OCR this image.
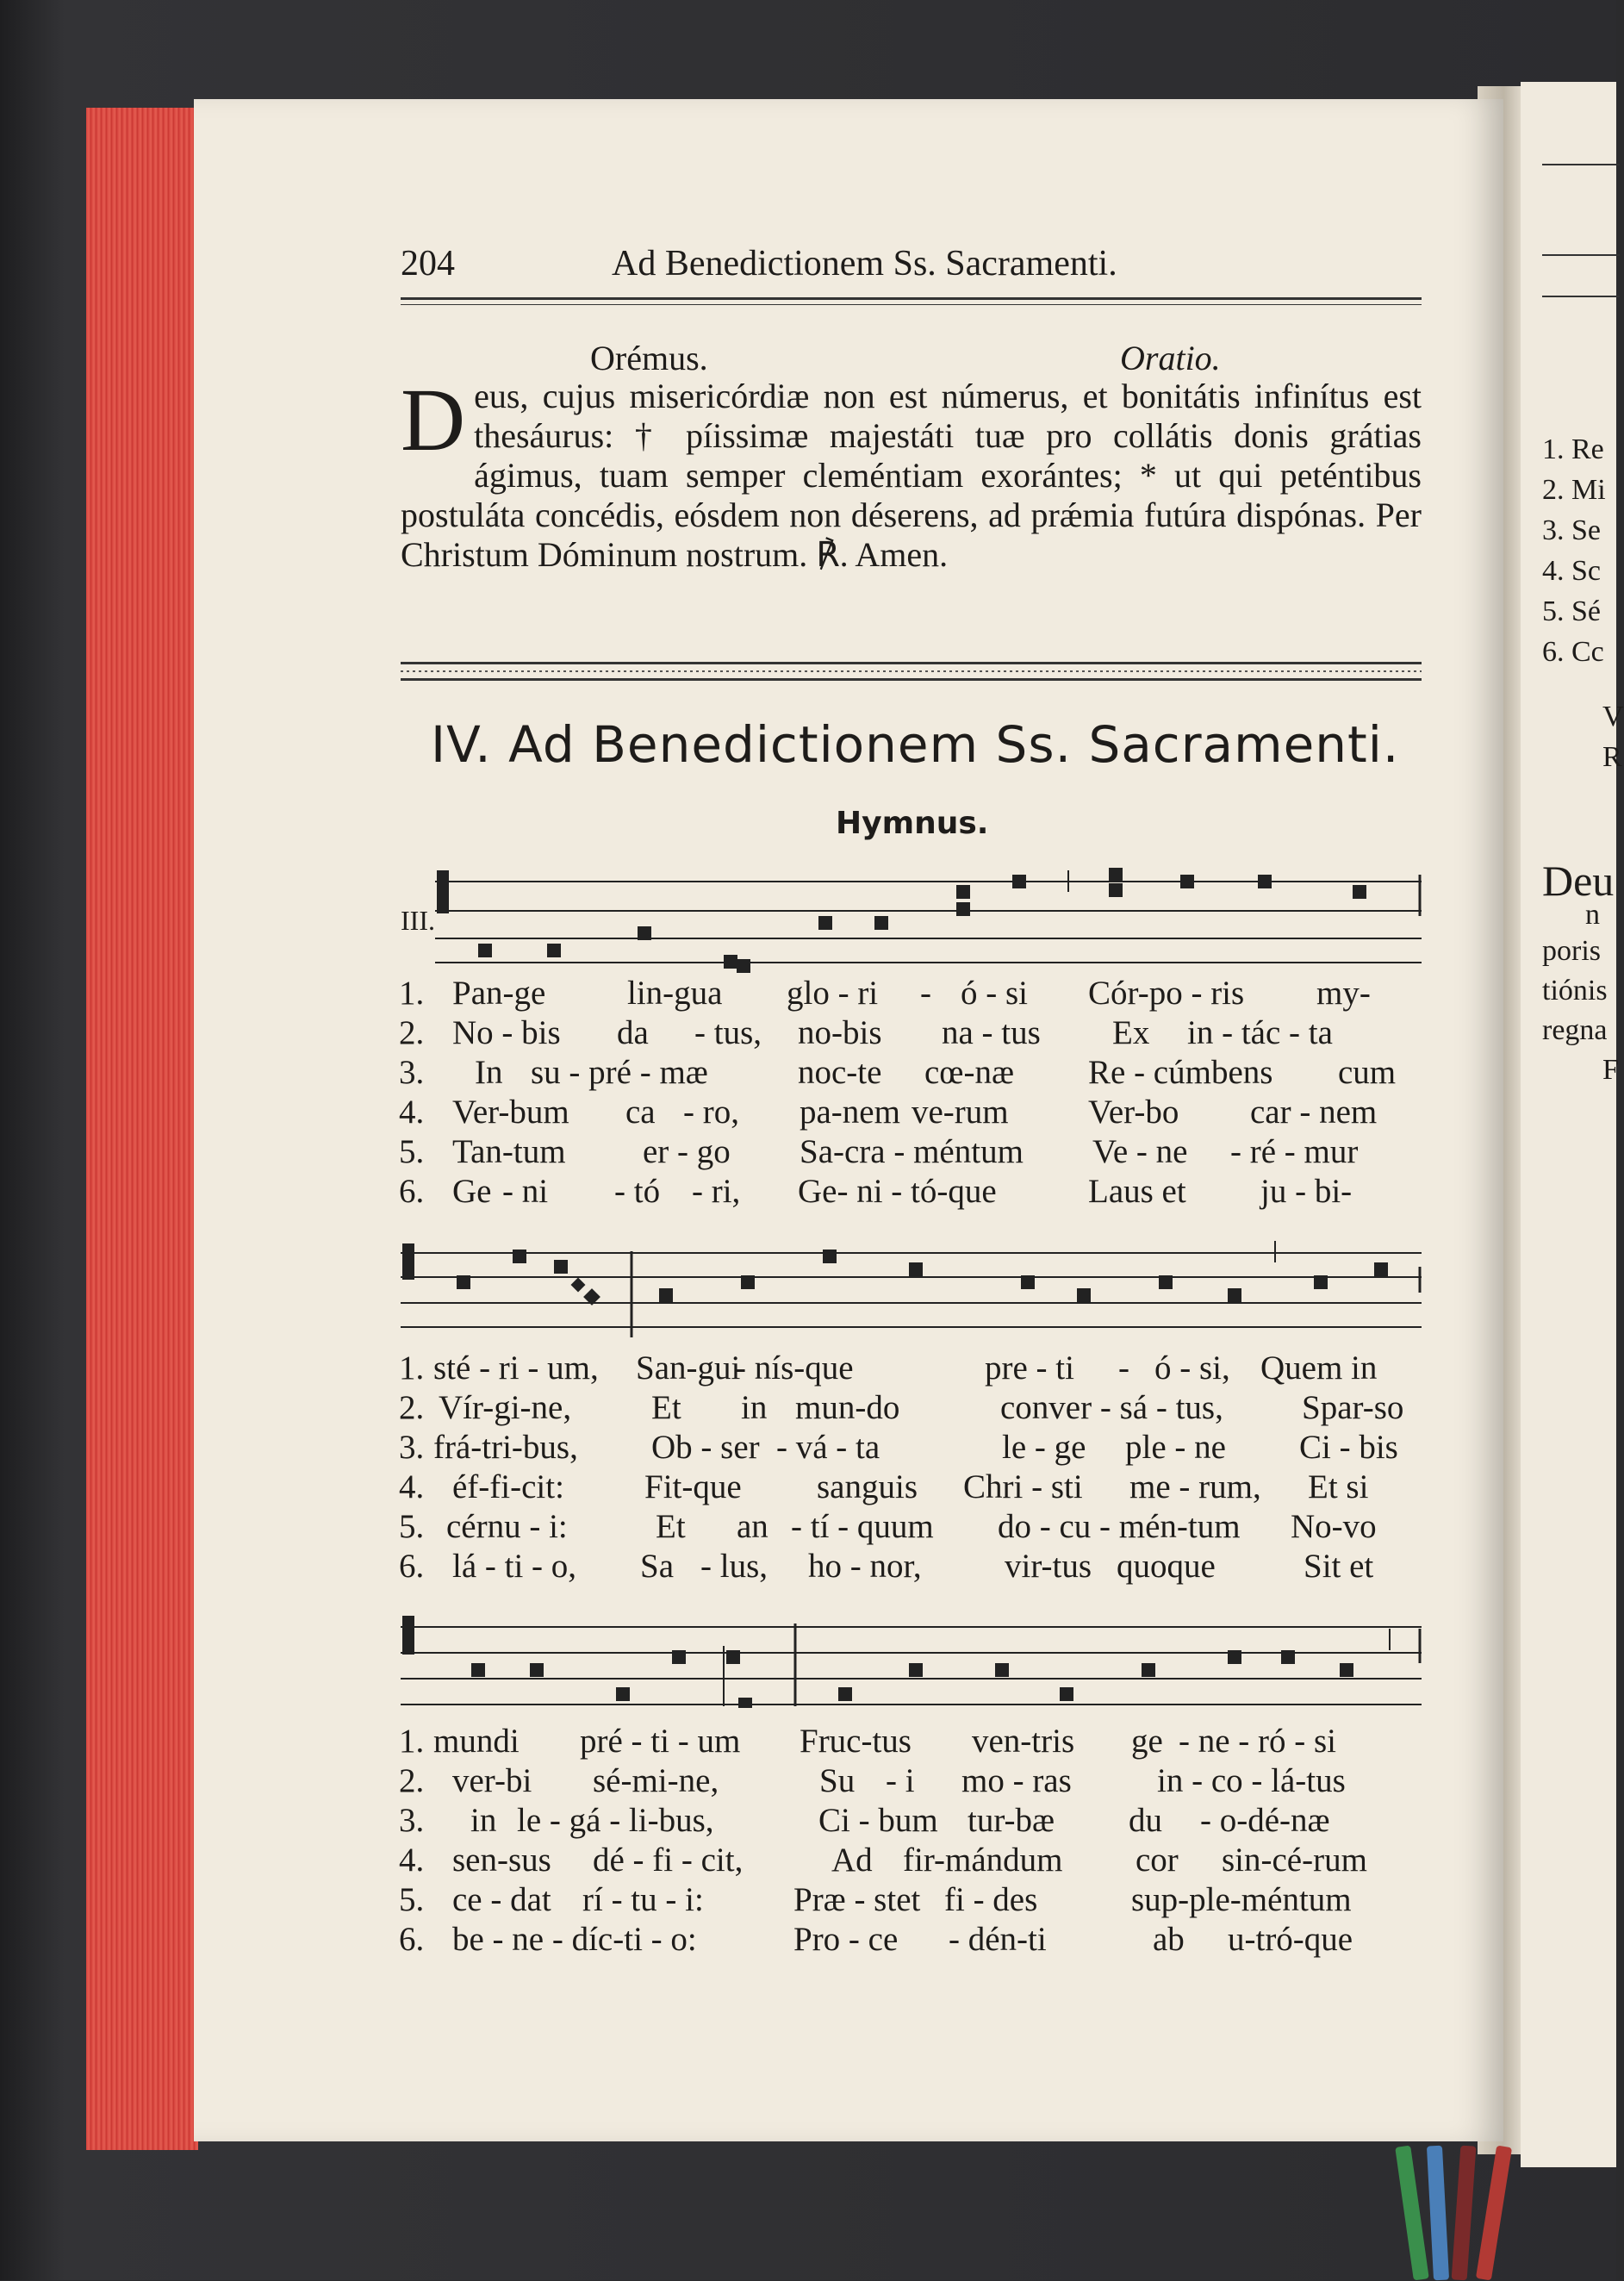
1. Re
2. Mi
3. Se
4. Sc
5. Sé
6. Cc
V
R
Deu
n
poris
tiónis
regna
F
204	Ad Benedictionem Ss. Sacramenti.
Orémus.	Oratio.
Deus, cujus misericórdiæ non est númerus, et bonitátis infinítus est thesáurus: † píissimæ majestáti tuæ pro collátis donis grátias ágimus, tuam semper cleméntiam exorántes; * ut qui peténtibus postuláta concédis, eósdem non déserens, ad prǽmia futúra dispónas. Per Christum Dóminum nostrum. ℟. Amen.
IV. Ad Benedictionem Ss. Sacramenti.
Hymnus.
III.
1. Pan-ge lin-gua glo - ri - ó - si Cór-po - ris my-
2. No - bis da - tus, no-bis na - tus Ex in - tác - ta
3. In su - pré - mæ	noc-te cœ-næ Re - cúmbens cum
4. Ver-bum ca - ro, pa-nem ve-rum Ver-bo car - nem
5. Tan-tum er - go Sa-cra - méntum Ve - ne - ré - mur
6. Ge - ni - tó - ri, Ge- ni - tó-que	Laus et ju - bi-
1. sté - ri - um, San-gui
- nís-que	pre - ti - ó - si, Quem in
2. Vír-gi-ne, Et in mun-do	conver - sá - tus, Spar-so
3. frá-tri-bus, Ob - ser - vá - ta	le - ge ple - ne Ci - bis
4. éf-fi-cit: Fit-que sanguis Chri - sti me - rum, Et si
5. cérnu - i:	Et an - tí - quum do - cu - mén-tum No-vo
6. lá - ti - o, Sa - lus, ho - nor, vir-tus quoque	Sit et
1. mundi pré - ti - um Fruc-tus ven-tris ge - ne - ró - si
2. ver-bi sé-mi-ne,	Su - i mo - ras	in - co - lá-tus
3. in le - gá - li-bus,	Ci - bum tur-bæ du - o-dé-næ
4. sen-sus dé - fi - cit,	Ad fir-mándum cor sin-cé-rum
5. ce - dat rí - tu - i:	Præ - stet fi - des	sup-ple-méntum
6. be - ne - díc-ti - o:	Pro - ce - dén-ti	ab u-tró-que
